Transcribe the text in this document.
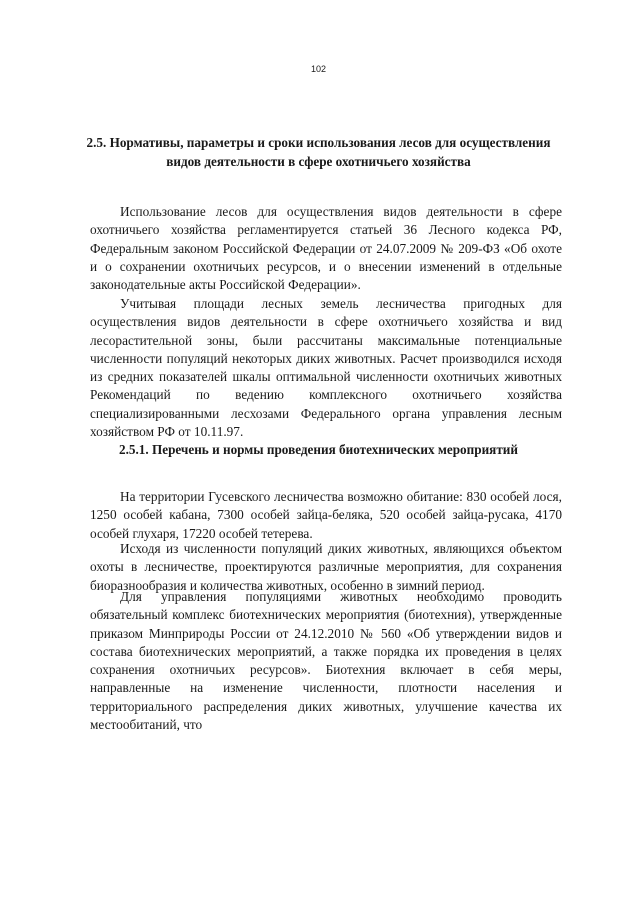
102
2.5. Нормативы, параметры и сроки использования лесов для осуществления видов деятельности в сфере охотничьего хозяйства

Использование лесов для осуществления видов деятельности в сфере охотничьего хозяйства регламентируется статьей 36 Лесного кодекса РФ, Федеральным законом Российской Федерации от 24.07.2009 № 209-ФЗ «Об охоте и о сохранении охотничьих ресурсов, и о внесении изменений в отдельные законодательные акты Российской Федерации».

Учитывая площади лесных земель лесничества пригодных для осуществления видов деятельности в сфере охотничьего хозяйства и вид лесорастительной зоны, были рассчитаны максимальные потенциальные численности популяций некоторых диких животных. Расчет производился исходя из средних показателей шкалы оптимальной численности охотничьих животных Рекомендаций по ведению комплексного охотничьего хозяйства специализированными лесхозами Федерального органа управления лесным хозяйством РФ от 10.11.97.

2.5.1. Перечень и нормы проведения биотехнических мероприятий

На территории Гусевского лесничества возможно обитание: 830 особей лося, 1250 особей кабана, 7300 особей зайца-беляка, 520 особей зайца-русака, 4170 особей глухаря, 17220 особей тетерева.

Исходя из численности популяций диких животных, являющихся объектом охоты в лесничестве, проектируются различные мероприятия, для сохранения биоразнообразия и количества животных, особенно в зимний период.

Для управления популяциями животных необходимо проводить обязательный комплекс биотехнических мероприятия (биотехния), утвержденные приказом Минприроды России от 24.12.2010 № 560 «Об утверждении видов и состава биотехнических мероприятий, а также порядка их проведения в целях сохранения охотничьих ресурсов». Биотехния включает в себя меры, направленные на изменение численности, плотности населения и территориального распределения диких животных, улучшение качества их местообитаний, что
